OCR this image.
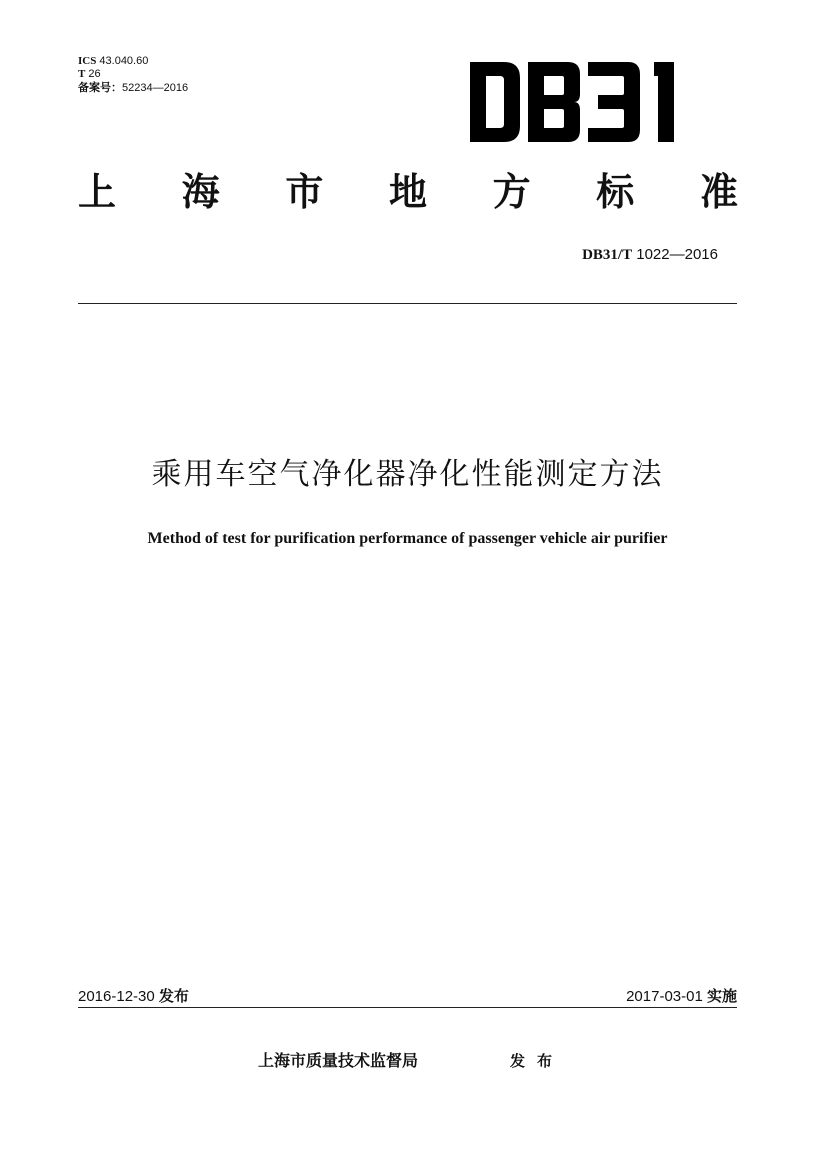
ICS 43.040.60
T 26
备案号：52234—2016
上 海 市 地 方 标 准
DB31/T 1022—2016
乘用车空气净化器净化性能测定方法
Method of test for purification performance of passenger vehicle air purifier
2016-12-30 发布	2017-03-01 实施
上海市质量技术监督局	发布
